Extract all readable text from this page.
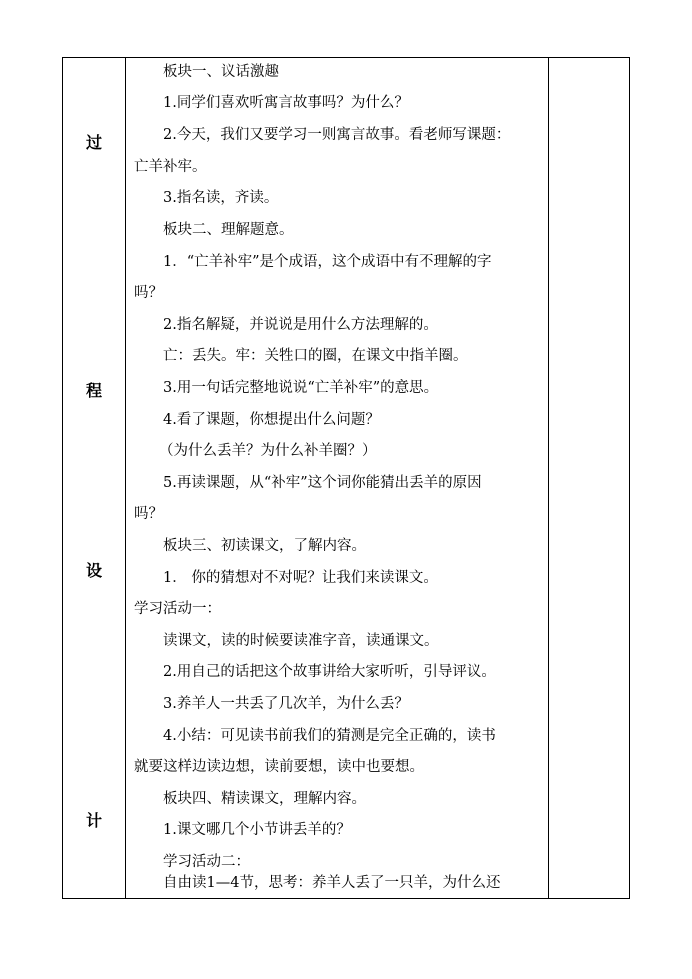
过
程
设
计
板块一、议话激趣
1.同学们喜欢听寓言故事吗？为什么？
2.今天，我们又要学习一则寓言故事。看老师写课题：
亡羊补牢。
3.指名读，齐读。
板块二、理解题意。
1．“亡羊补牢”是个成语，这个成语中有不理解的字
吗？
2.指名解疑，并说说是用什么方法理解的。
亡：丢失。牢：关牲口的圈，在课文中指羊圈。
3.用一句话完整地说说“亡羊补牢”的意思。
4.看了课题，你想提出什么问题？
（为什么丢羊？为什么补羊圈？）
5.再读课题，从“补牢”这个词你能猜出丢羊的原因
吗？
板块三、初读课文，了解内容。
1． 你的猜想对不对呢？让我们来读课文。
学习活动一：
读课文，读的时候要读准字音，读通课文。
2.用自己的话把这个故事讲给大家听听，引导评议。
3.养羊人一共丢了几次羊，为什么丢？
4.小结：可见读书前我们的猜测是完全正确的，读书
就要这样边读边想，读前要想，读中也要想。
板块四、精读课文，理解内容。
1.课文哪几个小节讲丢羊的？
学习活动二：
自由读1—4节，思考：养羊人丢了一只羊，为什么还
